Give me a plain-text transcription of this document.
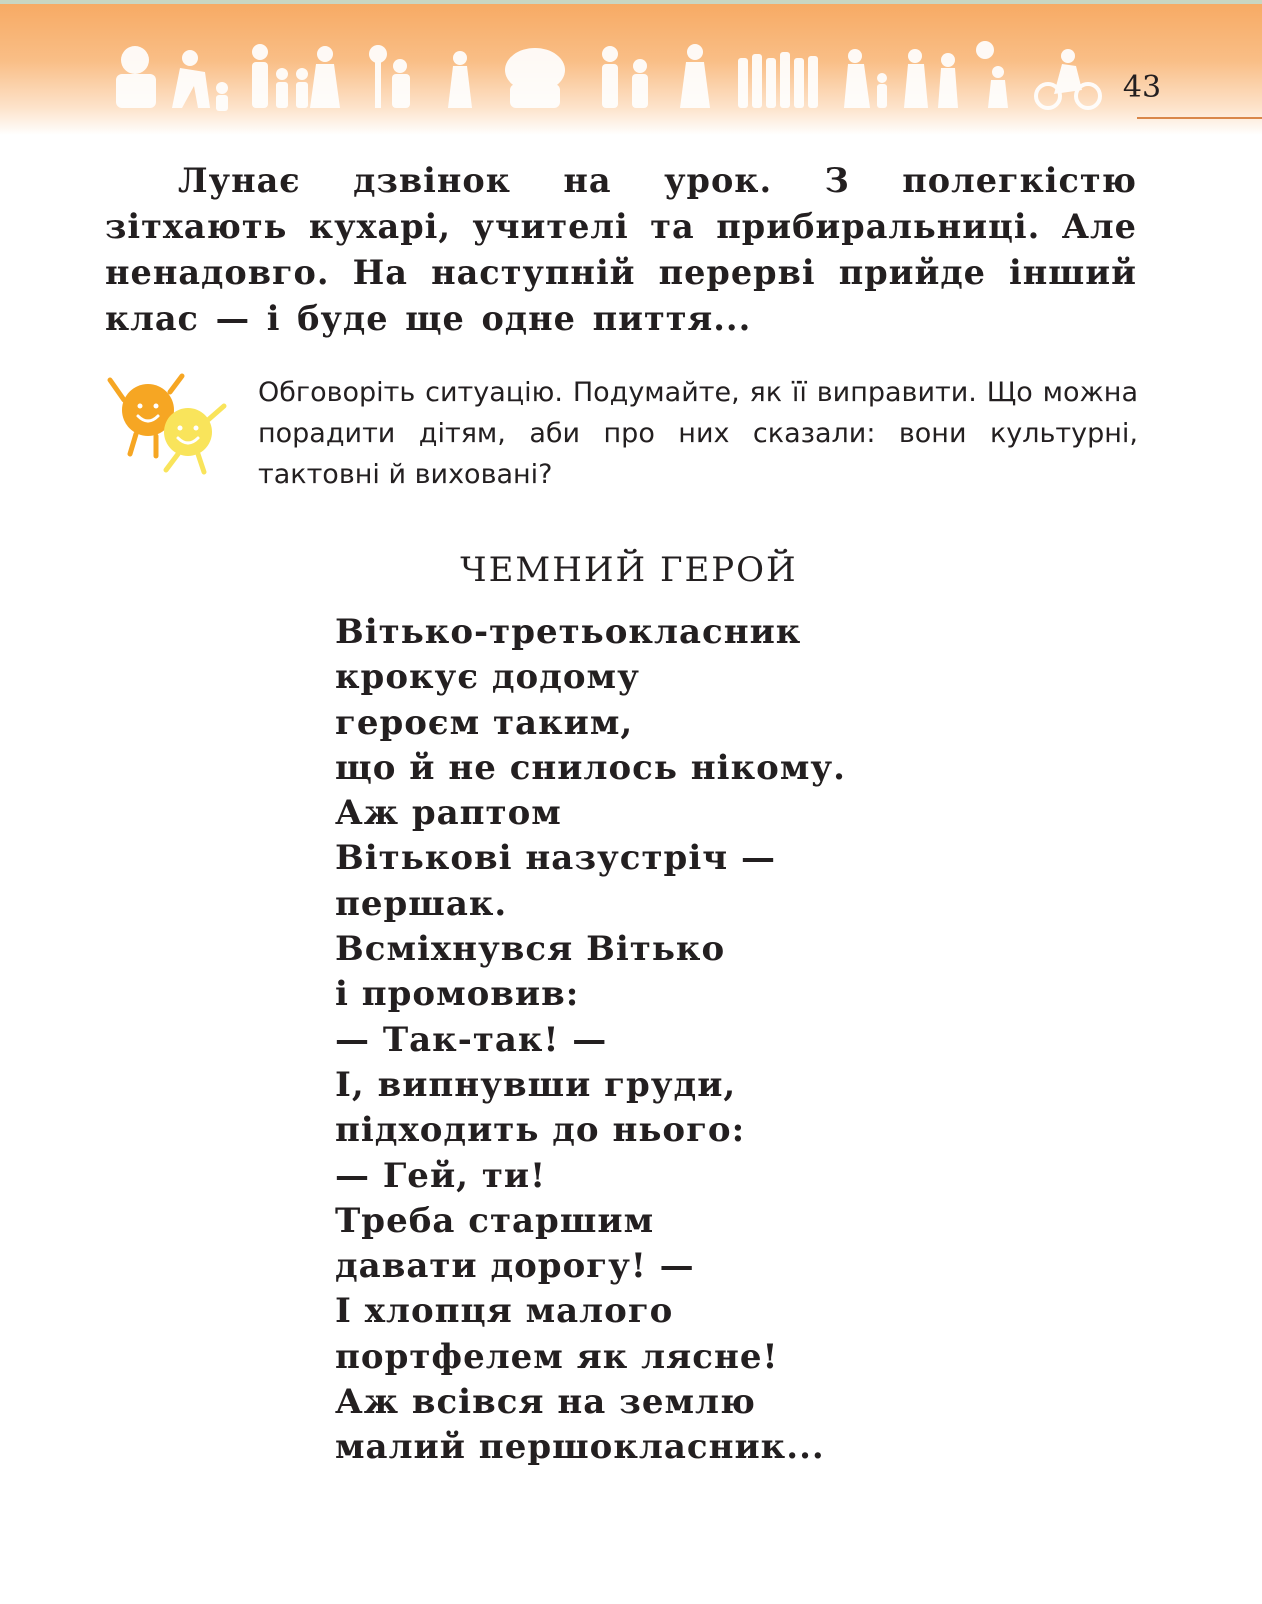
43
Лунає дзвінок на урок. З полегкістю зітхають кухарі, учителі та прибиральниці. Але ненадовго. На наступній перерві прийде інший клас — і буде ще одне пиття...
Обговоріть ситуацію. Подумайте, як її виправити. Що можна порадити дітям, аби про них сказали: вони культурні, тактовні й виховані?
ЧЕМНИЙ ГЕРОЙ
Вітько-третьокласник
крокує додому
героєм таким,
що й не снилось нікому.
Аж раптом
Вітькові назустріч —
першак.
Всміхнувся Вітько
і промовив:
— Так-так! —
І, випнувши груди,
підходить до нього:
— Гей, ти!
Треба старшим
давати дорогу! —
І хлопця малого
портфелем як лясне!
Аж всівся на землю
малий першокласник...
